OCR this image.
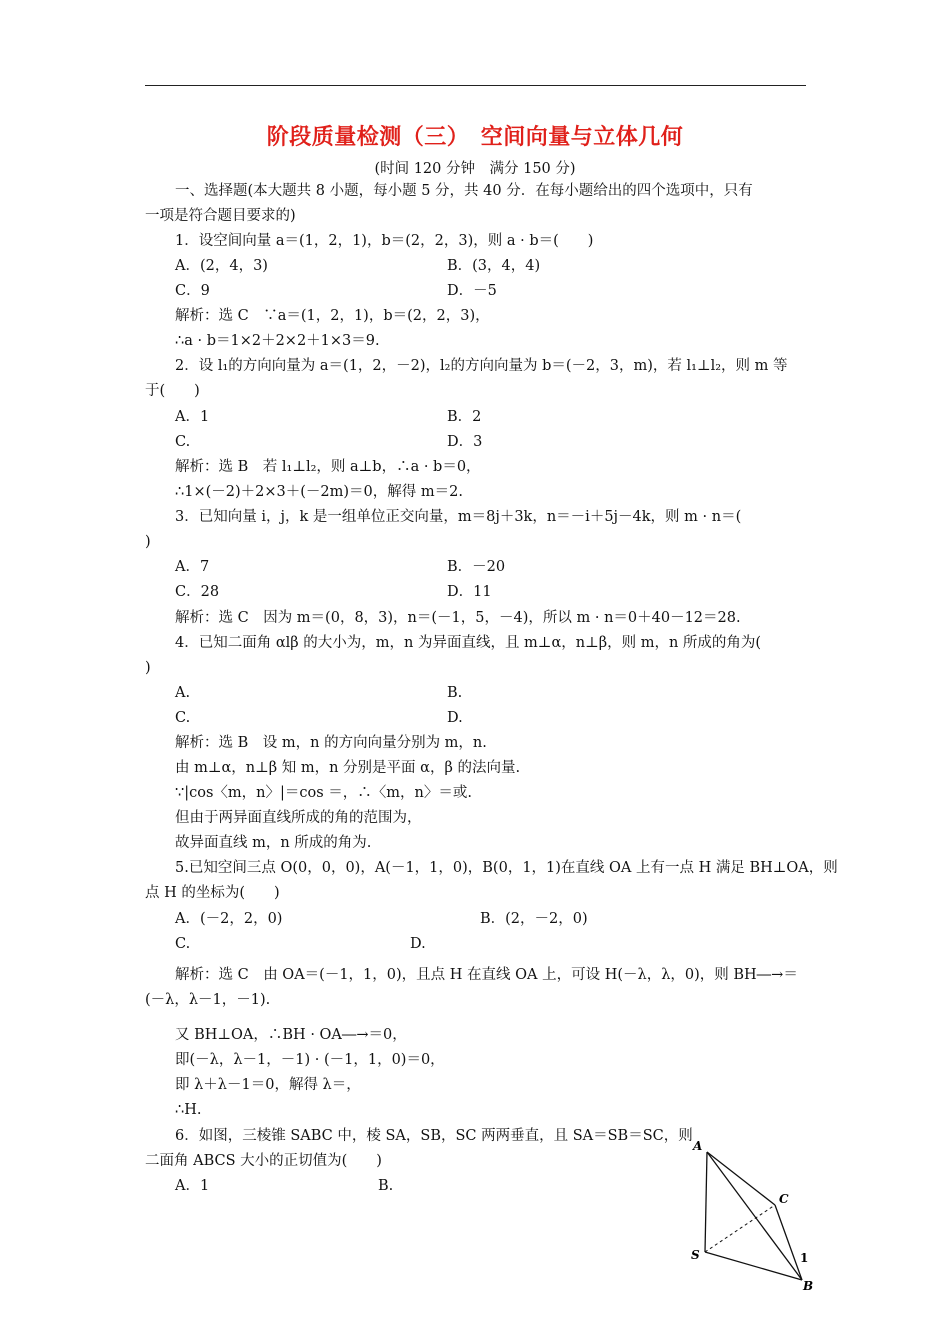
阶段质量检测（三）　空间向量与立体几何
(时间 120 分钟　满分 150 分)
一、选择题(本大题共 8 小题，每小题 5 分，共 40 分．在每小题给出的四个选项中，只有
一项是符合题目要求的)
1．设空间向量 a＝(1，2，1)，b＝(2，2，3)，则 a · b＝(　　)
A．(2，4，3)	B．(3，4，4)
C．9	D．－5
解析：选 C　∵a＝(1，2，1)，b＝(2，2，3)，
∴a · b＝1×2＋2×2＋1×3＝9.
2．设 l₁的方向向量为 a＝(1，2，－2)，l₂的方向向量为 b＝(－2，3，m)，若 l₁⊥l₂，则 m 等
于(　　)
A．1	B．2
C.	D．3
解析：选 B　若 l₁⊥l₂，则 a⊥b，∴a · b＝0，
∴1×(－2)＋2×3＋(－2m)＝0，解得 m＝2.
3．已知向量 i，j，k 是一组单位正交向量，m＝8j＋3k，n＝－i＋5j－4k，则 m · n＝(
)
A．7	B．－20
C．28	D．11
解析：选 C　因为 m＝(0，8，3)，n＝(－1，5，－4)，所以 m · n＝0＋40－12＝28.
4．已知二面角 αlβ 的大小为，m，n 为异面直线，且 m⊥α，n⊥β，则 m，n 所成的角为(
)
A.	B.
C.	D.
解析：选 B　设 m，n 的方向向量分别为 m，n.
由 m⊥α，n⊥β 知 m，n 分别是平面 α，β 的法向量.
∵|cos〈m，n〉|＝cos ＝，∴〈m，n〉＝或.
但由于两异面直线所成的角的范围为，
故异面直线 m，n 所成的角为.
5.已知空间三点 O(0，0，0)，A(－1，1，0)，B(0，1，1)在直线 OA 上有一点 H 满足 BH⊥OA，则
点 H 的坐标为(　　)
A．(－2，2，0)	B．(2，－2，0)
C.	D.
解析：选 C　由 OA＝(－1，1，0)，且点 H 在直线 OA 上，可设 H(－λ，λ，0)，则 BH―→＝
(－λ，λ－1，－1).
又 BH⊥OA，∴BH · OA―→＝0，
即(－λ，λ－1，－1) · (－1，1，0)＝0，
即 λ＋λ－1＝0，解得 λ＝，
∴H.
6．如图，三棱锥 SABC 中，棱 SA，SB，SC 两两垂直，且 SA＝SB＝SC，则
二面角 ABCS 大小的正切值为(　　)
A．1	B.
A
C
S
B
1
